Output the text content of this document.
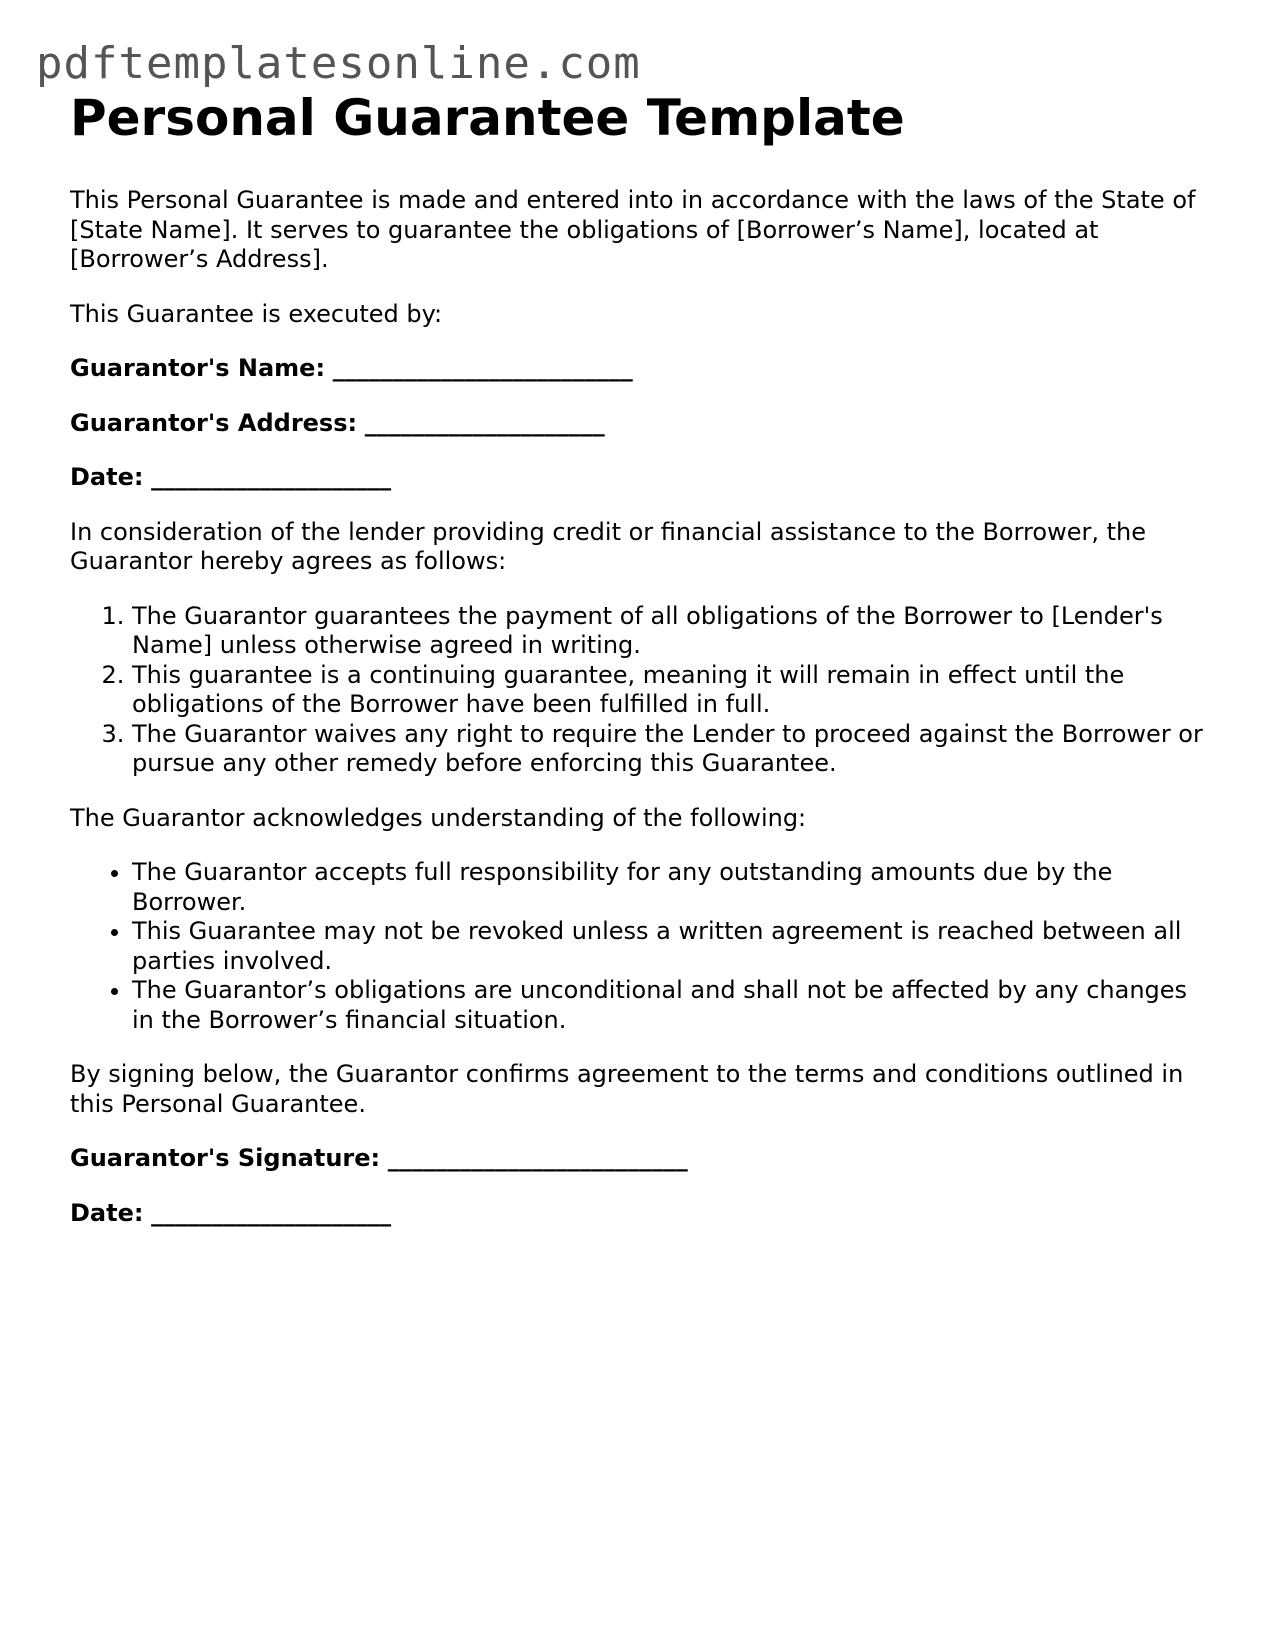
pdftemplatesonline.com
Personal Guarantee Template

This Personal Guarantee is made and entered into in accordance with the laws of the State of [State Name]. It serves to guarantee the obligations of [Borrower’s Name], located at [Borrower’s Address].

This Guarantee is executed by:

Guarantor's Name: _________________________
Guarantor's Address: ____________________
Date: ____________________

In consideration of the lender providing credit or financial assistance to the Borrower, the Guarantor hereby agrees as follows:

1. The Guarantor guarantees the payment of all obligations of the Borrower to [Lender's Name] unless otherwise agreed in writing.
2. This guarantee is a continuing guarantee, meaning it will remain in effect until the obligations of the Borrower have been fulfilled in full.
3. The Guarantor waives any right to require the Lender to proceed against the Borrower or pursue any other remedy before enforcing this Guarantee.

The Guarantor acknowledges understanding of the following:

• The Guarantor accepts full responsibility for any outstanding amounts due by the Borrower.
• This Guarantee may not be revoked unless a written agreement is reached between all parties involved.
• The Guarantor’s obligations are unconditional and shall not be affected by any changes in the Borrower’s financial situation.

By signing below, the Guarantor confirms agreement to the terms and conditions outlined in this Personal Guarantee.

Guarantor's Signature: _________________________
Date: ____________________
